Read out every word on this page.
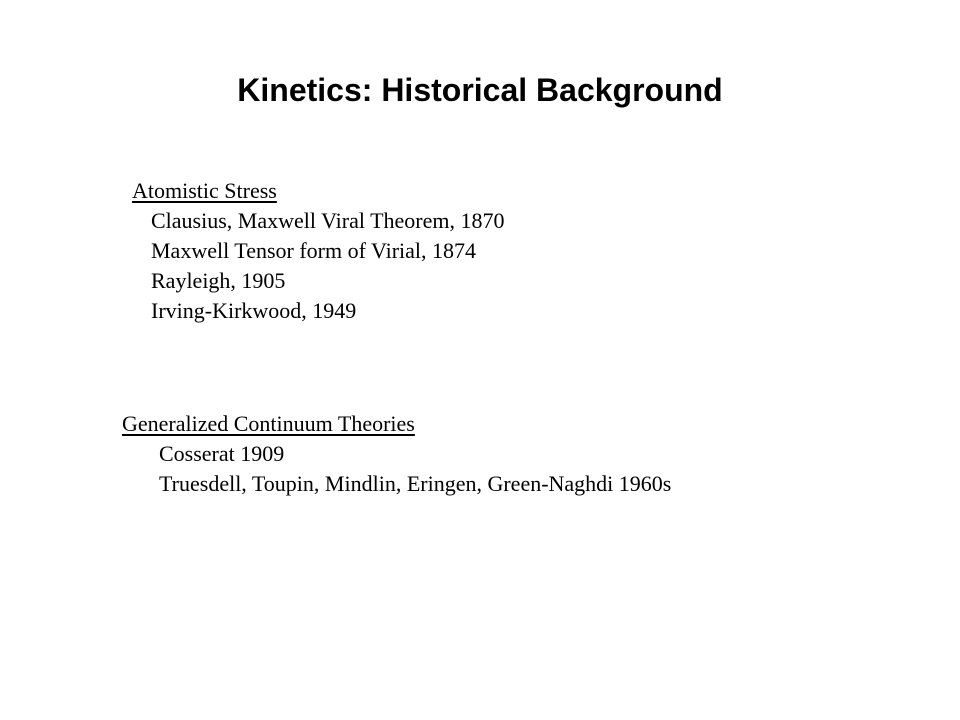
Kinetics: Historical Background
Atomistic Stress
Clausius, Maxwell Viral Theorem, 1870
Maxwell Tensor form of Virial, 1874
Rayleigh, 1905
Irving-Kirkwood, 1949
Generalized Continuum Theories
Cosserat 1909
Truesdell, Toupin, Mindlin, Eringen, Green-Naghdi 1960s
